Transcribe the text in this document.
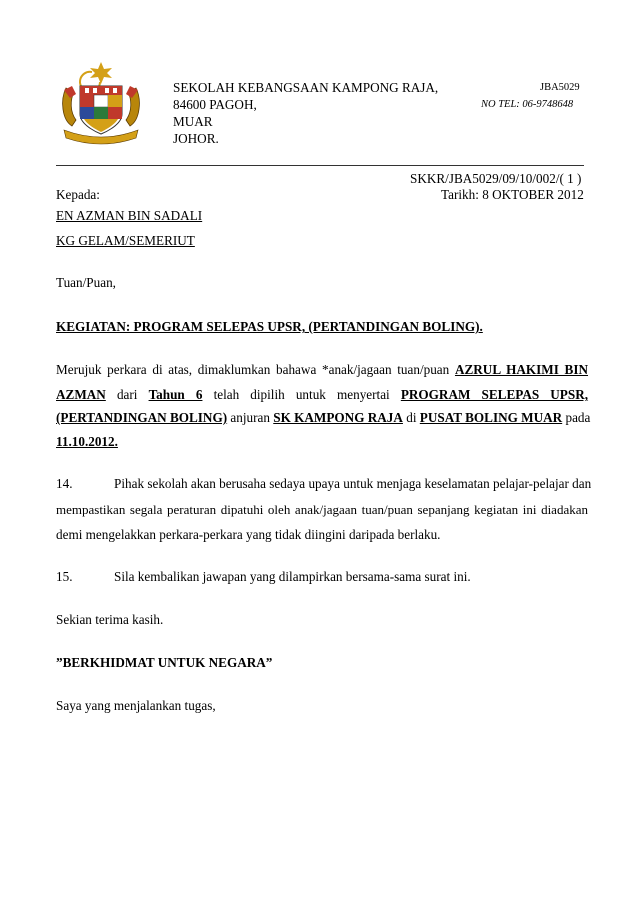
SEKOLAH KEBANGSAAN KAMPONG RAJA,
84600 PAGOH,
MUAR
JOHOR.
JBA5029
NO TEL: 06-9748648
SKKR/JBA5029/09/10/002/( 1 )
Kepada:	Tarikh: 8 OKTOBER 2012
EN AZMAN BIN SADALI
KG GELAM/SEMERIUT
Tuan/Puan,
KEGIATAN: PROGRAM SELEPAS UPSR, (PERTANDINGAN BOLING).
Merujuk perkara di atas, dimaklumkan bahawa *anak/jagaan tuan/puan AZRUL HAKIMI BIN
AZMAN dari Tahun 6 telah dipilih untuk menyertai PROGRAM SELEPAS UPSR,
(PERTANDINGAN BOLING) anjuran SK KAMPONG RAJA di PUSAT BOLING MUAR pada
11.10.2012.
14.	Pihak sekolah akan berusaha sedaya upaya untuk menjaga keselamatan pelajar-pelajar dan
mempastikan segala peraturan dipatuhi oleh anak/jagaan tuan/puan sepanjang kegiatan ini diadakan
demi mengelakkan perkara-perkara yang tidak diingini daripada berlaku.
15.	Sila kembalikan jawapan yang dilampirkan bersama-sama surat ini.
Sekian terima kasih.
”BERKHIDMAT UNTUK NEGARA”
Saya yang menjalankan tugas,
